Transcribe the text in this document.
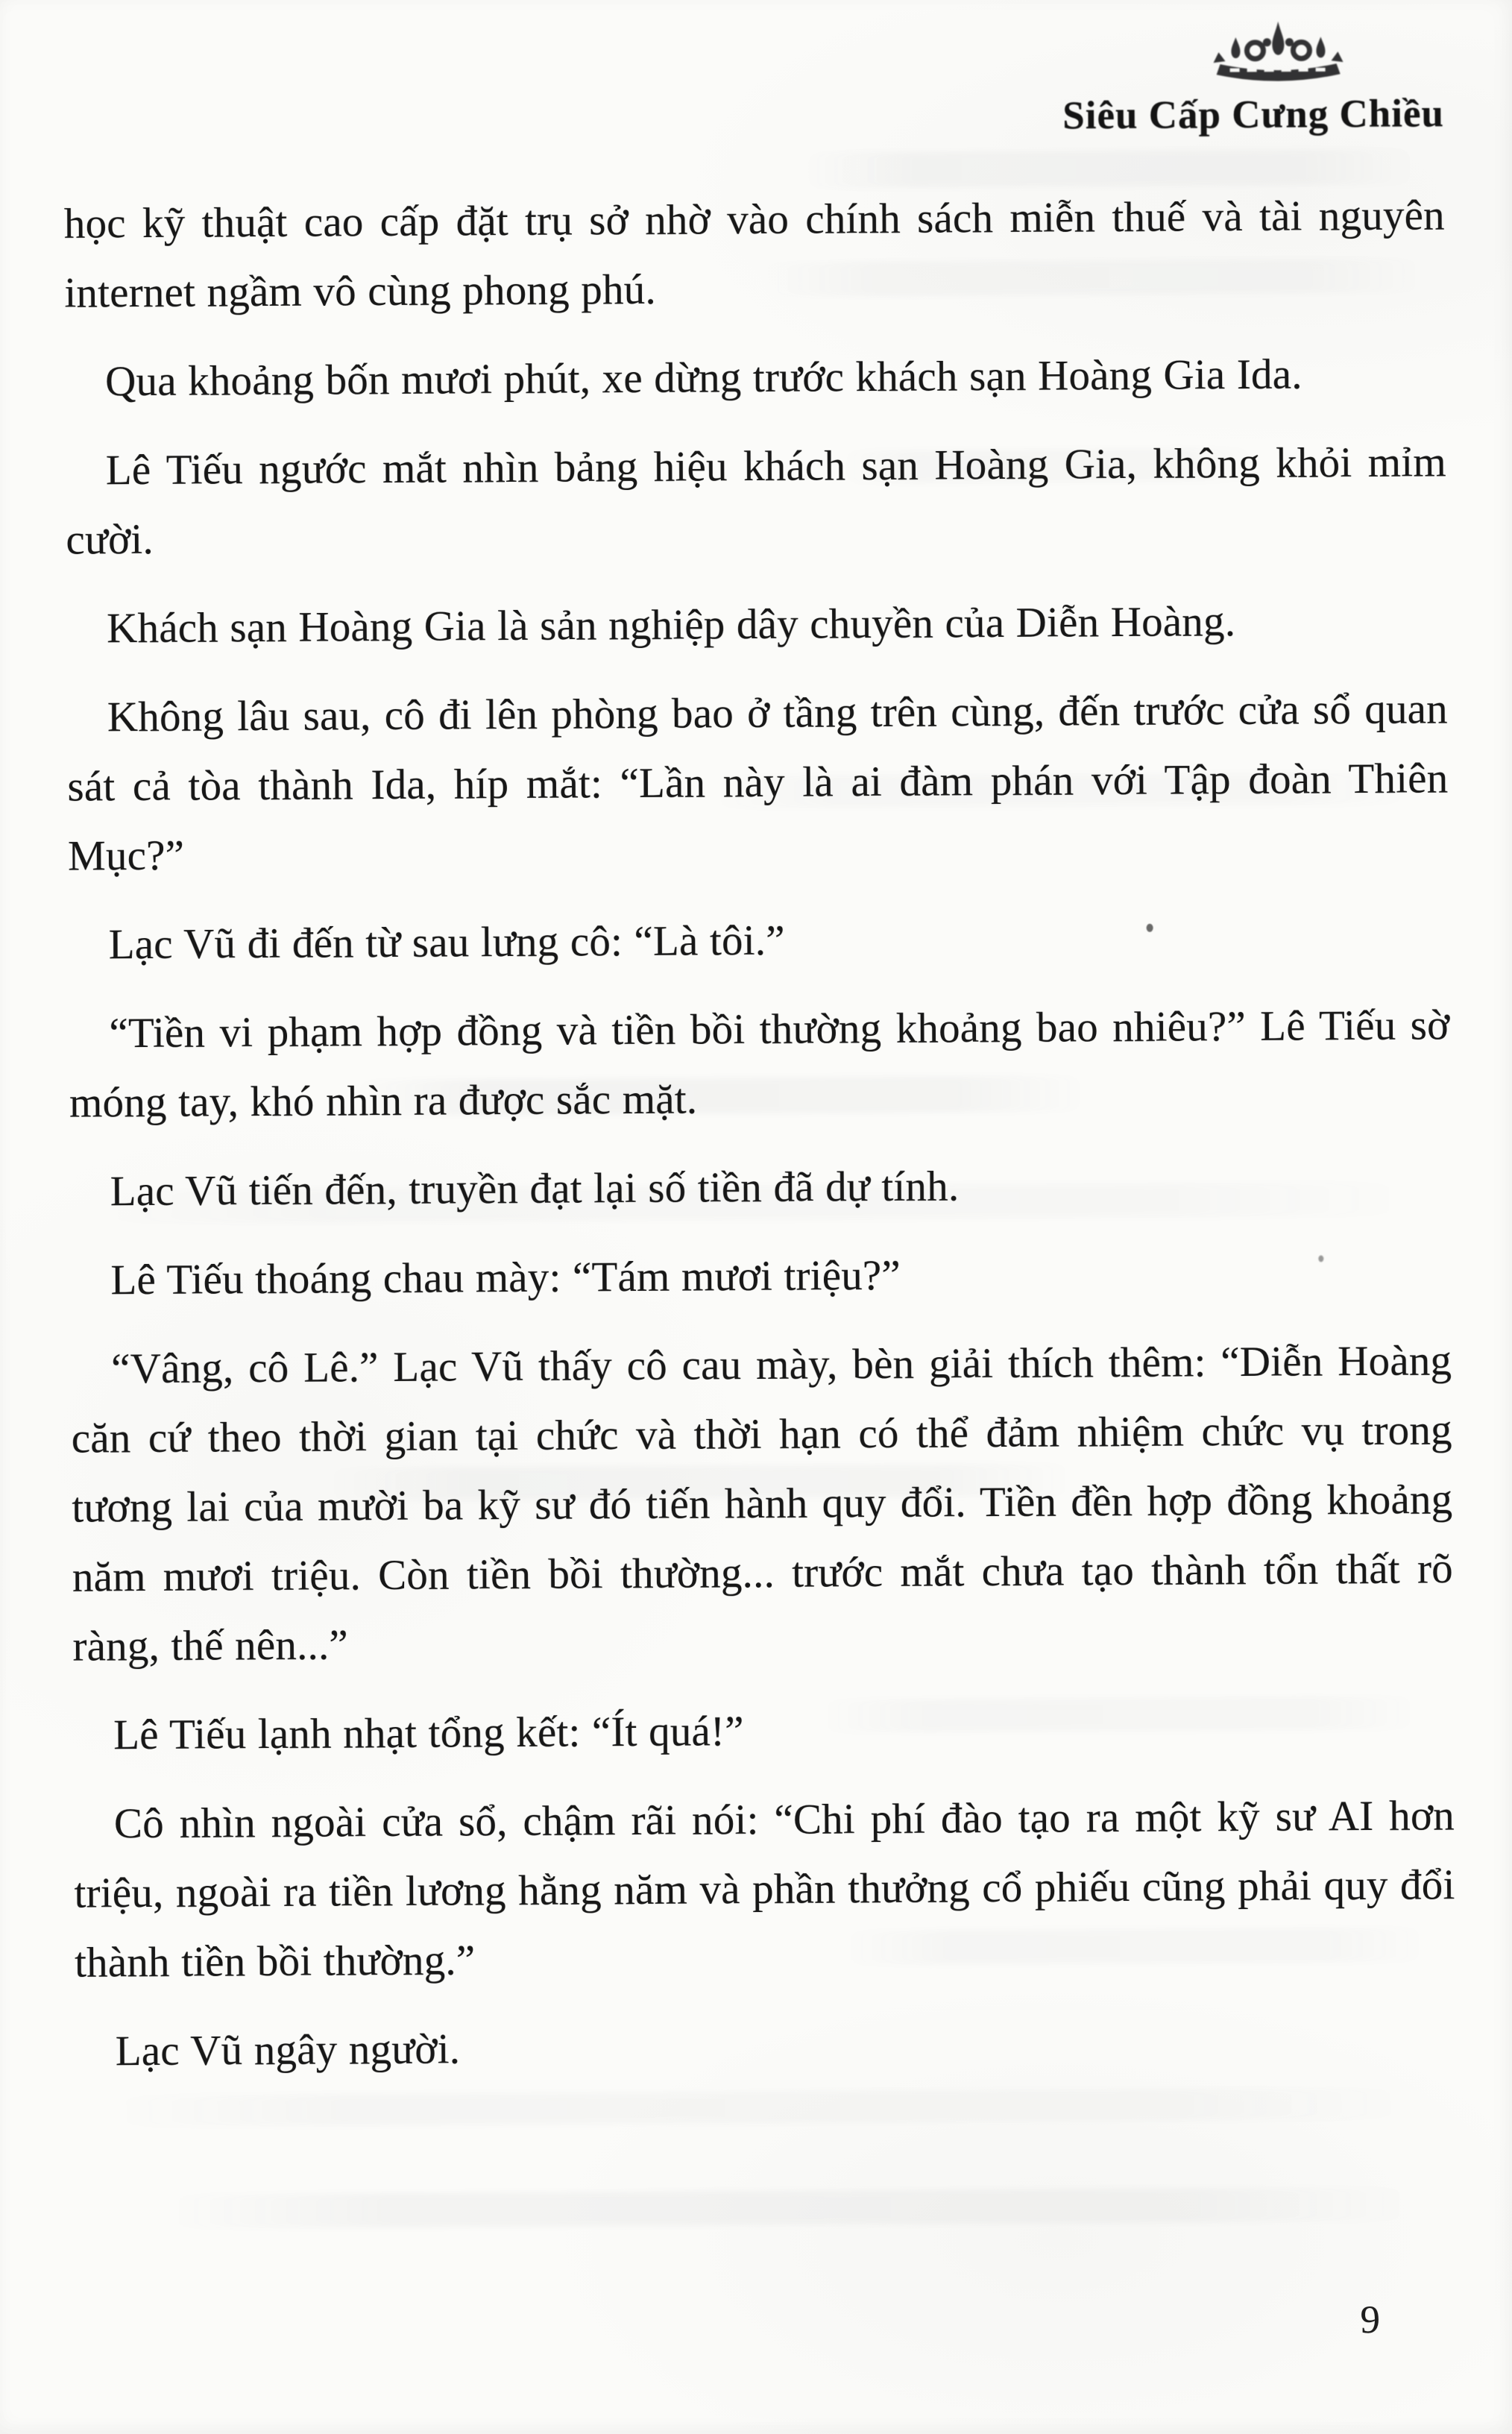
Siêu Cấp Cưng Chiều

học kỹ thuật cao cấp đặt trụ sở nhờ vào chính sách miễn thuế và tài nguyên internet ngầm vô cùng phong phú.

Qua khoảng bốn mươi phút, xe dừng trước khách sạn Hoàng Gia Ida.

Lê Tiếu ngước mắt nhìn bảng hiệu khách sạn Hoàng Gia, không khỏi mỉm cười.

Khách sạn Hoàng Gia là sản nghiệp dây chuyền của Diễn Hoàng.

Không lâu sau, cô đi lên phòng bao ở tầng trên cùng, đến trước cửa sổ quan sát cả tòa thành Ida, híp mắt: “Lần này là ai đàm phán với Tập đoàn Thiên Mục?”

Lạc Vũ đi đến từ sau lưng cô: “Là tôi.”

“Tiền vi phạm hợp đồng và tiền bồi thường khoảng bao nhiêu?” Lê Tiếu sờ móng tay, khó nhìn ra được sắc mặt.

Lạc Vũ tiến đến, truyền đạt lại số tiền đã dự tính.

Lê Tiếu thoáng chau mày: “Tám mươi triệu?”

“Vâng, cô Lê.” Lạc Vũ thấy cô cau mày, bèn giải thích thêm: “Diễn Hoàng căn cứ theo thời gian tại chức và thời hạn có thể đảm nhiệm chức vụ trong tương lai của mười ba kỹ sư đó tiến hành quy đổi. Tiền đền hợp đồng khoảng năm mươi triệu. Còn tiền bồi thường... trước mắt chưa tạo thành tổn thất rõ ràng, thế nên...”

Lê Tiếu lạnh nhạt tổng kết: “Ít quá!”

Cô nhìn ngoài cửa sổ, chậm rãi nói: “Chi phí đào tạo ra một kỹ sư AI hơn triệu, ngoài ra tiền lương hằng năm và phần thưởng cổ phiếu cũng phải quy đổi thành tiền bồi thường.”

Lạc Vũ ngây người.

9
